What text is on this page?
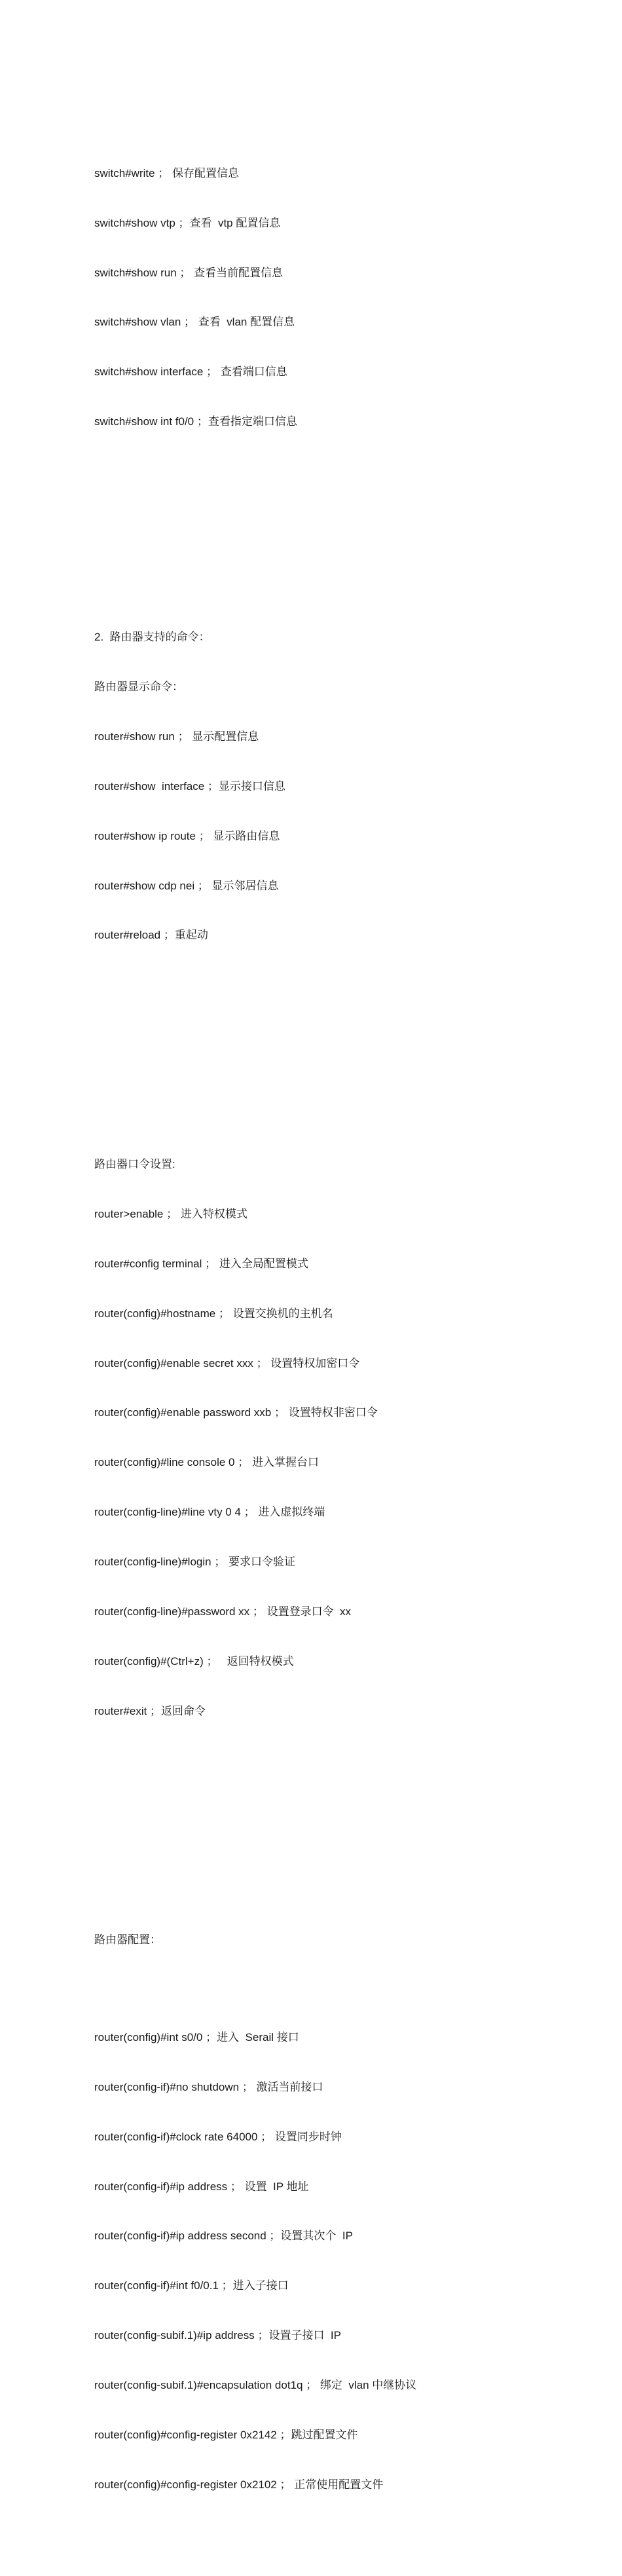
switch#write ； 保存配置信息

switch#show vtp ；查看  vtp 配置信息

switch#show run ； 查看当前配置信息

switch#show vlan ； 查看  vlan 配置信息

switch#show interface ； 查看端口信息

switch#show int f0/0 ；查看指定端口信息

2.  路由器支持的命令：

路由器显示命令：

router#show run ； 显示配置信息

router#show  interface ；显示接口信息

router#show ip route ； 显示路由信息

router#show cdp nei ； 显示邻居信息

router#reload ；重起动

路由器口令设置:

router>enable ； 进入特权模式

router#config terminal ； 进入全局配置模式

router(config)#hostname ； 设置交换机的主机名

router(config)#enable secret xxx ； 设置特权加密口令

router(config)#enable password xxb ； 设置特权非密口令

router(config)#line console 0 ； 进入掌握台口

router(config-line)#line vty 0 4 ； 进入虚拟终端

router(config-line)#login ； 要求口令验证

router(config-line)#password xx ； 设置登录口令  xx

router(config)#(Ctrl+z) ；   返回特权模式

router#exit ；返回命令

路由器配置：

router(config)#int s0/0 ；进入  Serail 接口

router(config-if)#no shutdown ； 激活当前接口

router(config-if)#clock rate 64000 ； 设置同步时钟

router(config-if)#ip address ； 设置  IP 地址

router(config-if)#ip address second ；设置其次个  IP

router(config-if)#int f0/0.1 ；进入子接口

router(config-subif.1)#ip address ；设置子接口  IP

router(config-subif.1)#encapsulation dot1q ； 绑定  vlan 中继协议

router(config)#config-register 0x2142 ；跳过配置文件

router(config)#config-register 0x2102 ； 正常使用配置文件
